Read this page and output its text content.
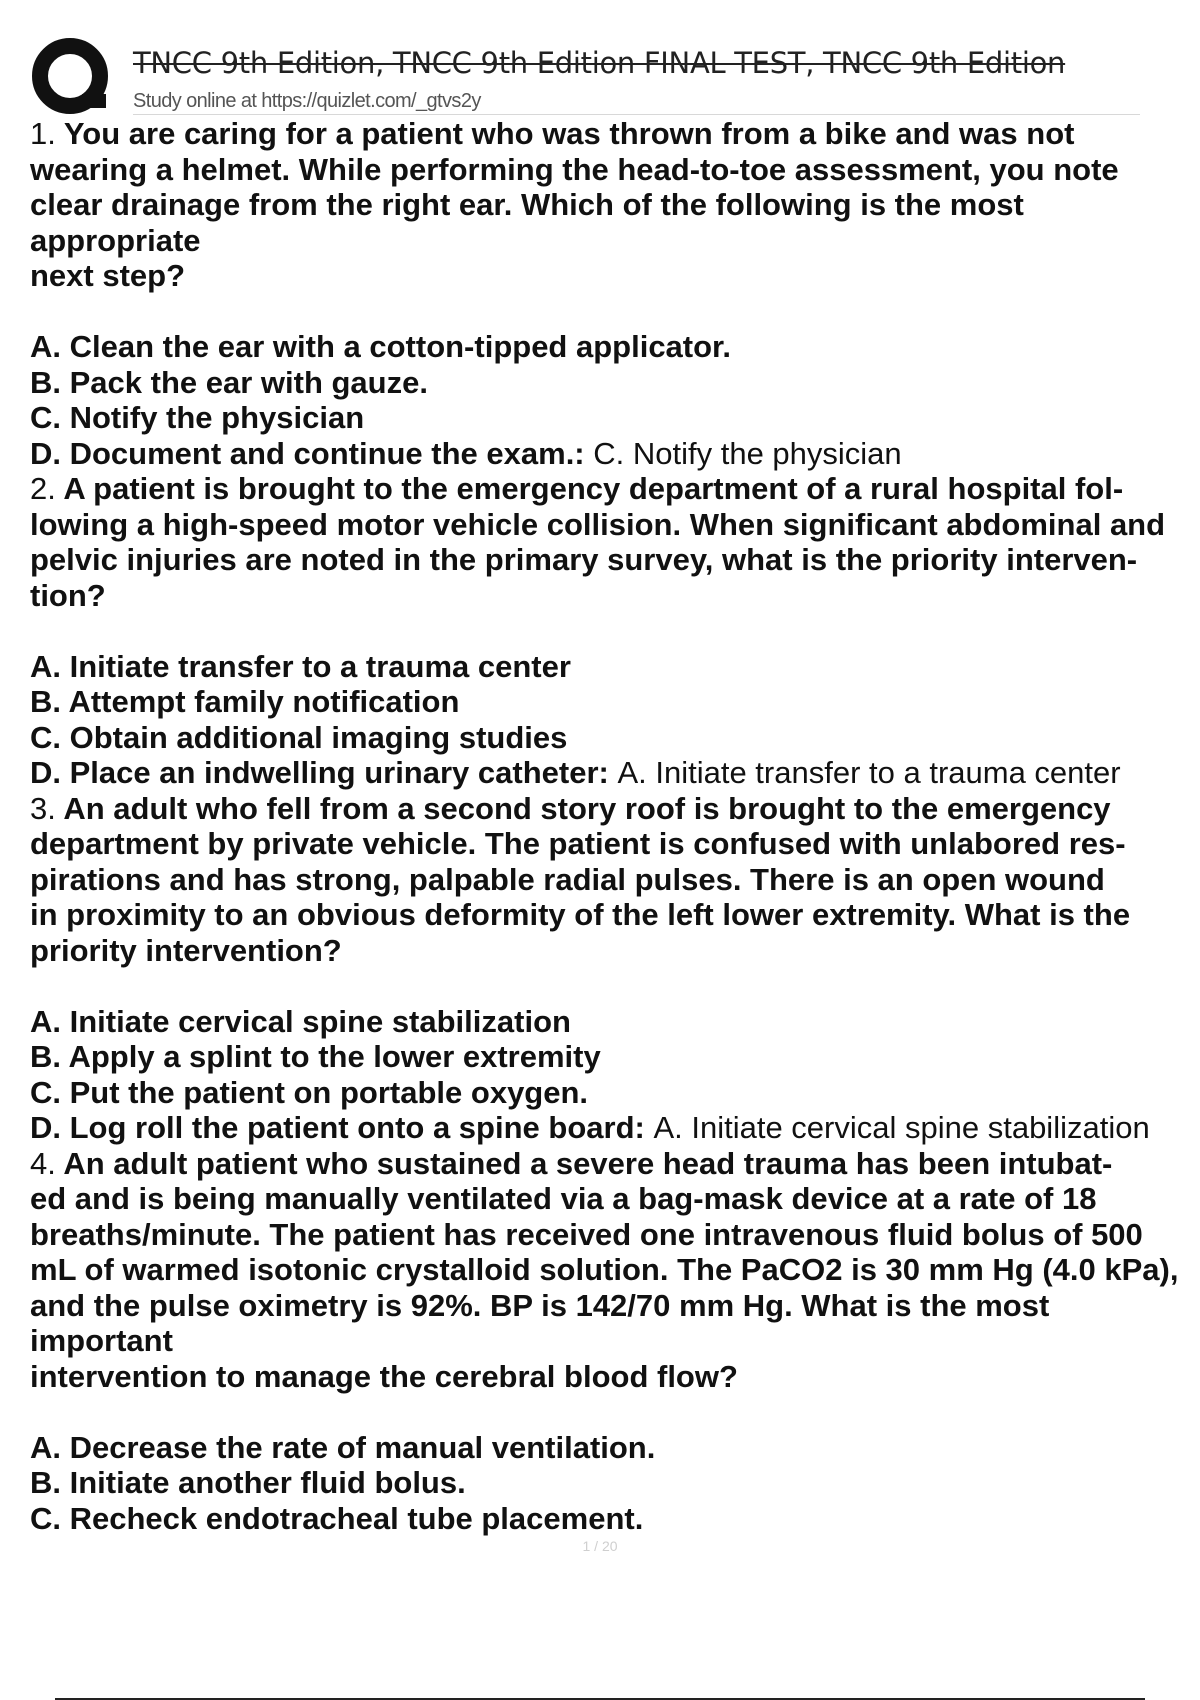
TNCC 9th Edition, TNCC 9th Edition FINAL TEST, TNCC 9th Edition
Study online at https://quizlet.com/_gtvs2y
1. You are caring for a patient who was thrown from a bike and was not
wearing a helmet. While performing the head-to-toe assessment, you note
clear drainage from the right ear. Which of the following is the most appropriate
next step?
A. Clean the ear with a cotton-tipped applicator.
B. Pack the ear with gauze.
C. Notify the physician
D. Document and continue the exam.: C. Notify the physician
2. A patient is brought to the emergency department of a rural hospital fol-
lowing a high-speed motor vehicle collision. When significant abdominal and
pelvic injuries are noted in the primary survey, what is the priority interven-
tion?
A. Initiate transfer to a trauma center
B. Attempt family notification
C. Obtain additional imaging studies
D. Place an indwelling urinary catheter: A. Initiate transfer to a trauma center
3. An adult who fell from a second story roof is brought to the emergency
department by private vehicle. The patient is confused with unlabored res-
pirations and has strong, palpable radial pulses. There is an open wound
in proximity to an obvious deformity of the left lower extremity. What is the
priority intervention?
A. Initiate cervical spine stabilization
B. Apply a splint to the lower extremity
C. Put the patient on portable oxygen.
D. Log roll the patient onto a spine board: A. Initiate cervical spine stabilization
4. An adult patient who sustained a severe head trauma has been intubat-
ed and is being manually ventilated via a bag-mask device at a rate of 18
breaths/minute. The patient has received one intravenous fluid bolus of 500
mL of warmed isotonic crystalloid solution. The PaCO2 is 30 mm Hg (4.0 kPa),
and the pulse oximetry is 92%. BP is 142/70 mm Hg. What is the most important
intervention to manage the cerebral blood flow?
A. Decrease the rate of manual ventilation.
B. Initiate another fluid bolus.
C. Recheck endotracheal tube placement.
1 / 20
